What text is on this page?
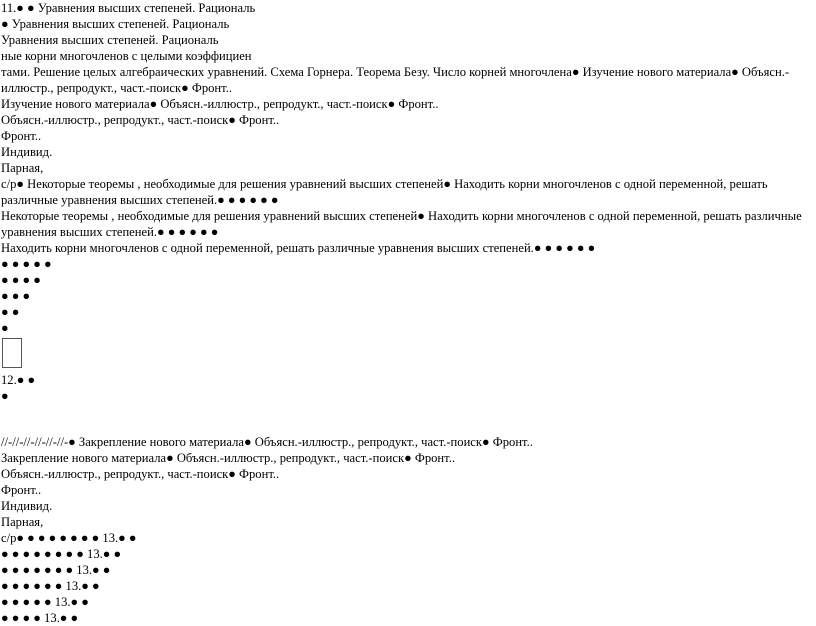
11.● ● Уравнения высших степеней. Рациональ
● Уравнения высших степеней. Рациональ
Уравнения высших степеней. Рациональ
ные корни многочленов с целыми коэффициен
тами. Решение целых алгебраических уравнений. Схема Горнера. Теорема Безу. Число корней многочлена● Изучение нового материала● Объясн.-иллюстр., репродукт., част.-поиск● Фронт..
Изучение нового материала● Объясн.-иллюстр., репродукт., част.-поиск● Фронт..
Объясн.-иллюстр., репродукт., част.-поиск● Фронт..
Фронт..
Индивид.
Парная,
с/р● Некоторые теоремы , необходимые для решения уравнений высших степеней● Находить корни многочленов с одной переменной, решать различные уравнения высших степеней.● ● ● ● ● ●
Некоторые теоремы , необходимые для решения уравнений высших степеней● Находить корни многочленов с одной переменной, решать различные уравнения высших степеней.● ● ● ● ● ●
Находить корни многочленов с одной переменной, решать различные уравнения высших степеней.● ● ● ● ● ●
● ● ● ● ●
● ● ● ●
● ● ●
● ●
●
12.● ●
●
//-//-//-//-//-//-● Закрепление нового материала● Объясн.-иллюстр., репродукт., част.-поиск● Фронт..
Закрепление нового материала● Объясн.-иллюстр., репродукт., част.-поиск● Фронт..
Объясн.-иллюстр., репродукт., част.-поиск● Фронт..
Фронт..
Индивид.
Парная,
с/р● ● ● ● ● ● ● ● 13.● ●
● ● ● ● ● ● ● ● 13.● ●
● ● ● ● ● ● ● 13.● ●
● ● ● ● ● ● 13.● ●
● ● ● ● ● 13.● ●
● ● ● ● 13.● ●
